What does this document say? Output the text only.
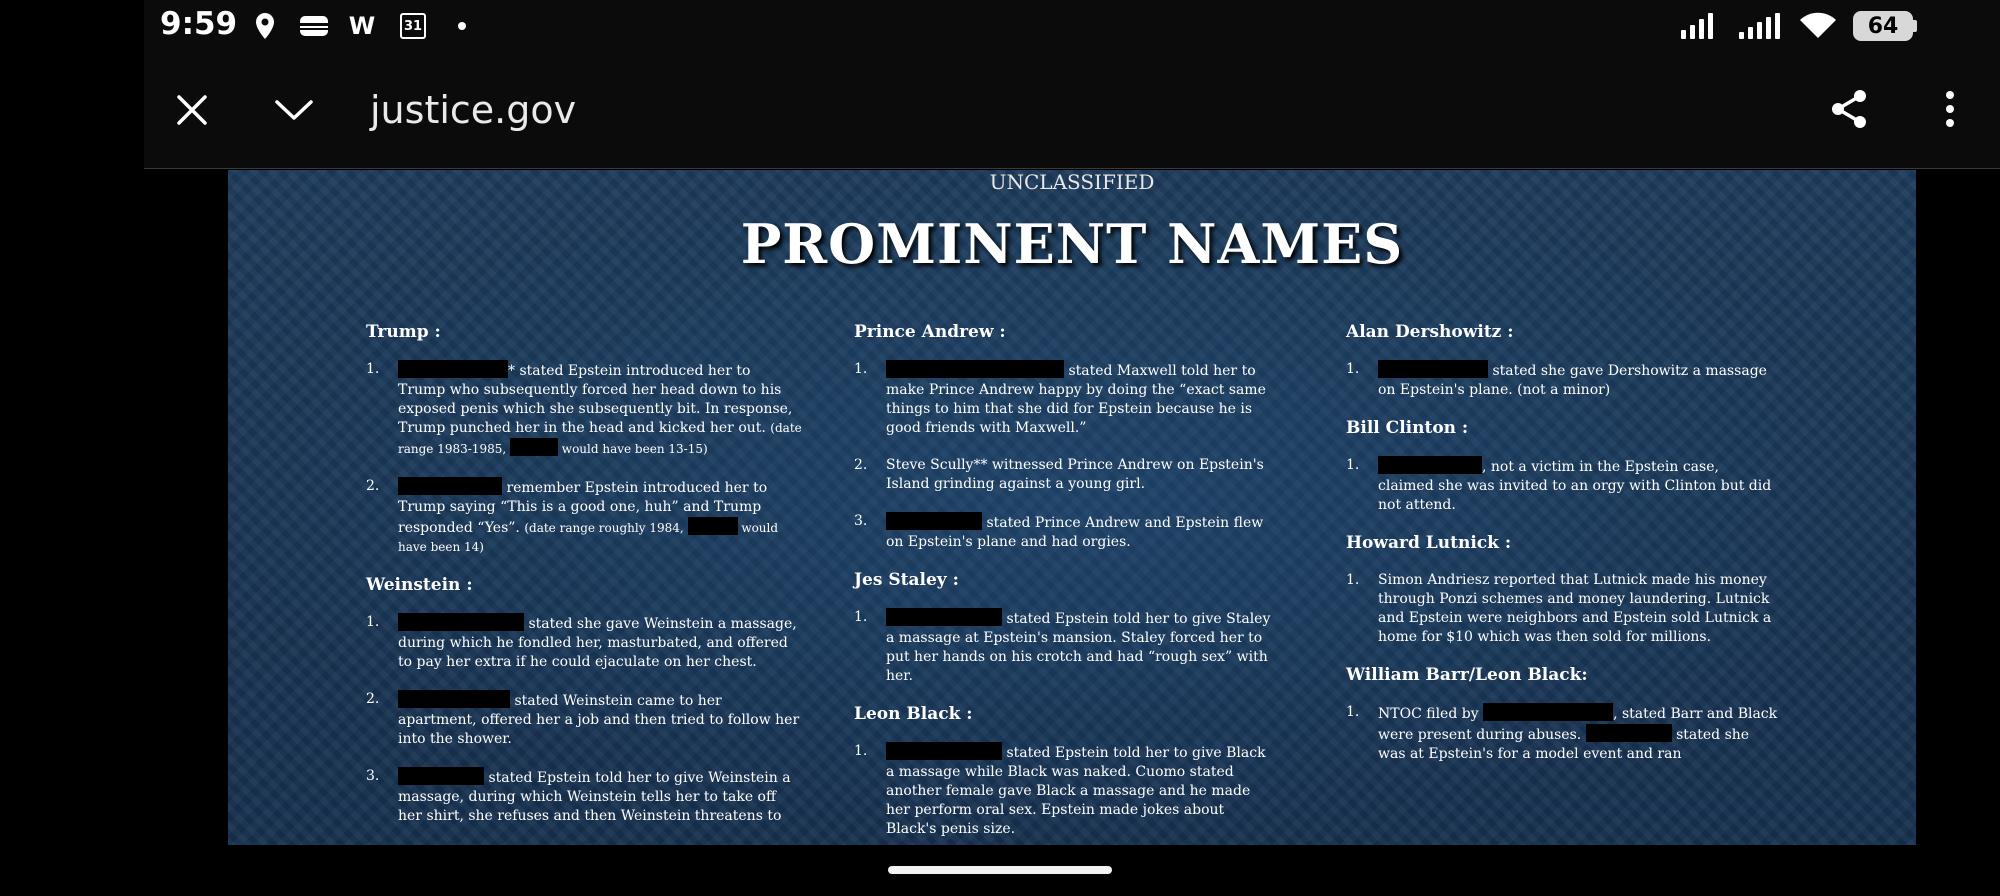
9:59	W 31	64
justice.gov
UNCLASSIFIED
PROMINENT NAMES
Trump :
1.	* stated Epstein introduced her to Trump who subsequently forced her head down to his exposed penis which she subsequently bit. In response, Trump punched her in the head and kicked her out. (date range 1983-1985,	would have been 13-15)
2.	remember Epstein introduced her to Trump saying “This is a good one, huh” and Trump responded “Yes”. (date range roughly 1984,	would have been 14)
Weinstein :
1.	stated she gave Weinstein a massage, during which he fondled her, masturbated, and offered to pay her extra if he could ejaculate on her chest.
2.	stated Weinstein came to her apartment, offered her a job and then tried to follow her into the shower.
3.	stated Epstein told her to give Weinstein a massage, during which Weinstein tells her to take off her shirt, she refuses and then Weinstein threatens to
Prince Andrew :
1.	stated Maxwell told her to make Prince Andrew happy by doing the “exact same things to him that she did for Epstein because he is good friends with Maxwell.”
2. Steve Scully** witnessed Prince Andrew on Epstein's Island grinding against a young girl.
3.	stated Prince Andrew and Epstein flew on Epstein's plane and had orgies.
Jes Staley :
1.	stated Epstein told her to give Staley a massage at Epstein's mansion. Staley forced her to put her hands on his crotch and had “rough sex” with her.
Leon Black :
1.	stated Epstein told her to give Black a massage while Black was naked. Cuomo stated another female gave Black a massage and he made her perform oral sex. Epstein made jokes about Black's penis size.
Alan Dershowitz :
1.	stated she gave Dershowitz a massage on Epstein's plane. (not a minor)
Bill Clinton :
1.	, not a victim in the Epstein case, claimed she was invited to an orgy with Clinton but did not attend.
Howard Lutnick :
1. Simon Andriesz reported that Lutnick made his money through Ponzi schemes and money laundering. Lutnick and Epstein were neighbors and Epstein sold Lutnick a home for $10 which was then sold for millions.
William Barr/Leon Black:
1. NTOC filed by	, stated Barr and Black were present during abuses.	stated she was at Epstein's for a model event and ran
